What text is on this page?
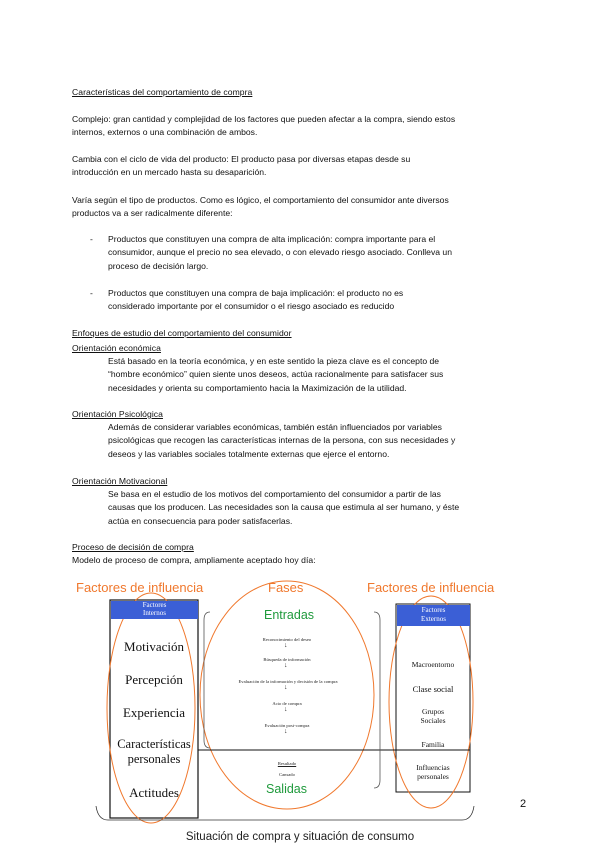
Características del comportamiento de compra
Complejo: gran cantidad y complejidad de los factores que pueden afectar a la compra, siendo estos
internos, externos o una combinación de ambos.
Cambia con el ciclo de vida del producto: El producto pasa por diversas etapas desde su
introducción en un mercado hasta su desaparición.
Varía según el tipo de productos. Como es lógico, el comportamiento del consumidor ante diversos
productos va a ser radicalmente diferente:
- Productos que constituyen una compra de alta implicación: compra importante para el
consumidor, aunque el precio no sea elevado, o con elevado riesgo asociado. Conlleva un
proceso de decisión largo.
- Productos que constituyen una compra de baja implicación: el producto no es
considerado importante por el consumidor o el riesgo asociado es reducido
Enfoques de estudio del comportamiento del consumidor
Orientación económica
Está basado en la teoría económica, y en este sentido la pieza clave es el concepto de
“hombre económico” quien siente unos deseos, actúa racionalmente para satisfacer sus
necesidades y orienta su comportamiento hacia la Maximización de la utilidad.
Orientación Psicológica
Además de considerar variables económicas, también están influenciados por variables
psicológicas que recogen las características internas de la persona, con sus necesidades y
deseos y las variables sociales totalmente externas que ejerce el entorno.
Orientación Motivacional
Se basa en el estudio de los motivos del comportamiento del consumidor a partir de las
causas que los producen. Las necesidades son la causa que estimula al ser humano, y éste
actúa en consecuencia para poder satisfacerlas.
Proceso de decisión de compra
Modelo de proceso de compra, ampliamente aceptado hoy día:
Factores de influencia	Fases	Factores de influencia
Factores
Internos	Factores
Externos
Motivación
Percepción
Experiencia
Características
personales
Actitudes
Entradas
Reconocimiento del deseo
↓
Búsqueda de información
↓
Evaluación de la información y decisión de la compra
↓
Acto de compra
↓
Evaluación post-compra
↓
Resultado
Cansado
Salidas
Macroentorno
Clase social
Grupos
Sociales
Familia
Influencias
personales
2
Situación de compra y situación de consumo
